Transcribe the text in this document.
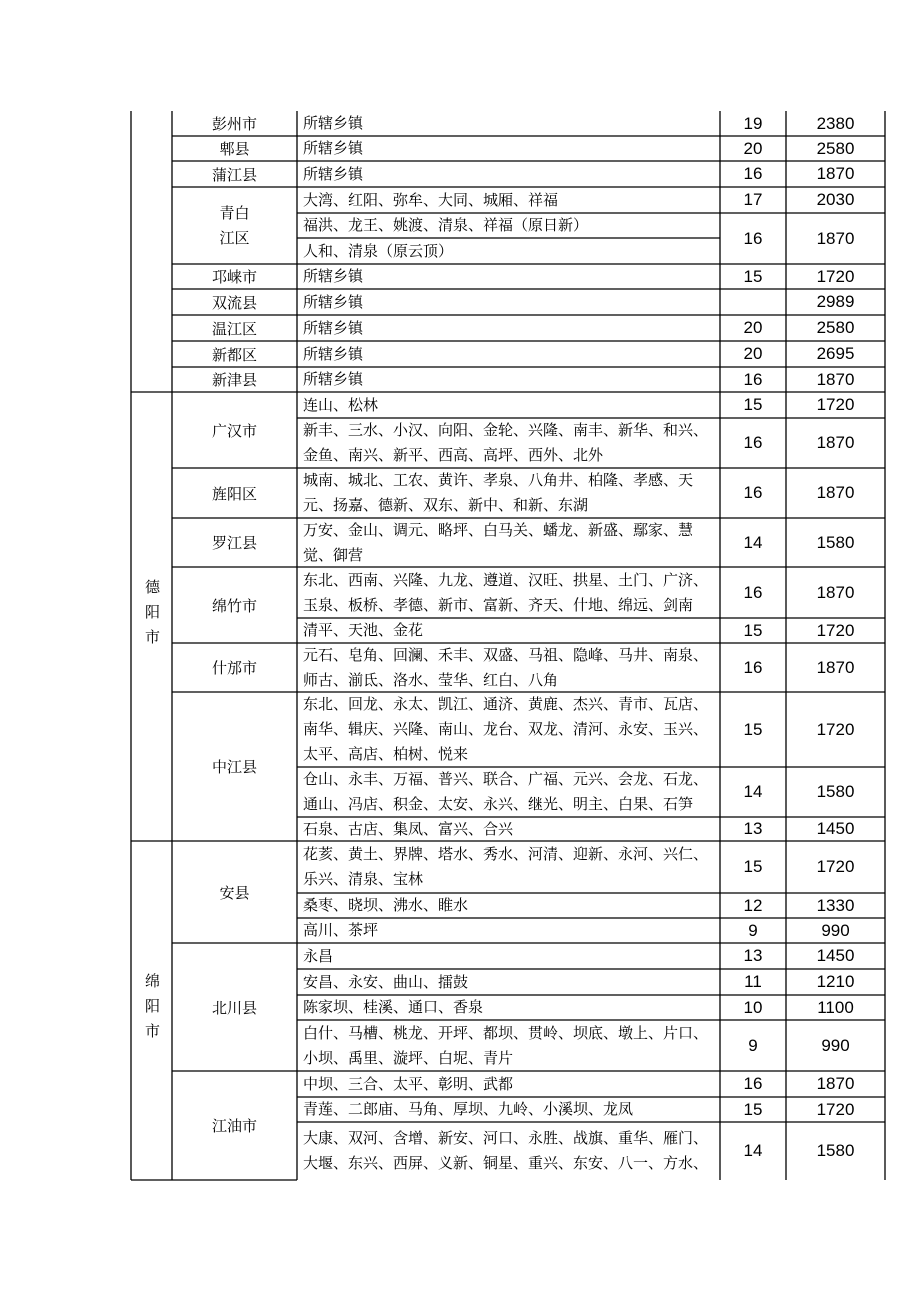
德阳市
绵阳市
彭州市
郫县
蒲江县
青白江区
邛崃市
双流县
温江区
新都区
新津县
广汉市
旌阳区
罗江县
绵竹市
什邡市
中江县
安县
北川县
江油市
所辖乡镇
所辖乡镇
所辖乡镇
大湾、红阳、弥牟、大同、城厢、祥福
福洪、龙王、姚渡、清泉、祥福（原日新）
人和、清泉（原云顶）
所辖乡镇
所辖乡镇
所辖乡镇
所辖乡镇
所辖乡镇
连山、松林
新丰、三水、小汉、向阳、金轮、兴隆、南丰、新华、和兴、金鱼、南兴、新平、西高、高坪、西外、北外
城南、城北、工农、黄许、孝泉、八角井、柏隆、孝感、天元、扬嘉、德新、双东、新中、和新、东湖
万安、金山、调元、略坪、白马关、蟠龙、新盛、鄢家、慧觉、御营
东北、西南、兴隆、九龙、遵道、汉旺、拱星、土门、广济、玉泉、板桥、孝德、新市、富新、齐天、什地、绵远、剑南
清平、天池、金花
元石、皂角、回澜、禾丰、双盛、马祖、隐峰、马井、南泉、师古、湔氐、洛水、莹华、红白、八角
东北、回龙、永太、凯江、通济、黄鹿、杰兴、青市、瓦店、南华、辑庆、兴隆、南山、龙台、双龙、清河、永安、玉兴、太平、高店、柏树、悦来
仓山、永丰、万福、普兴、联合、广福、元兴、会龙、石龙、通山、冯店、积金、太安、永兴、继光、明主、白果、石笋
石泉、古店、集凤、富兴、合兴
花荄、黄土、界牌、塔水、秀水、河清、迎新、永河、兴仁、乐兴、清泉、宝林
桑枣、晓坝、沸水、睢水
高川、茶坪
永昌
安昌、永安、曲山、擂鼓
陈家坝、桂溪、通口、香泉
白什、马槽、桃龙、开坪、都坝、贯岭、坝底、墩上、片口、小坝、禹里、漩坪、白坭、青片
中坝、三合、太平、彰明、武都
青莲、二郎庙、马角、厚坝、九岭、小溪坝、龙凤
大康、双河、含增、新安、河口、永胜、战旗、重华、雁门、大堰、东兴、西屏、义新、铜星、重兴、东安、八一、方水、
19
20
16
17
16
15
20
20
16
15
16
16
14
16
15
16
15
14
13
15
12
9
13
11
10
9
16
15
14
2380
2580
1870
2030
1870
1720
2989
2580
2695
1870
1720
1870
1870
1580
1870
1720
1870
1720
1580
1450
1720
1330
990
1450
1210
1100
990
1870
1720
1580
